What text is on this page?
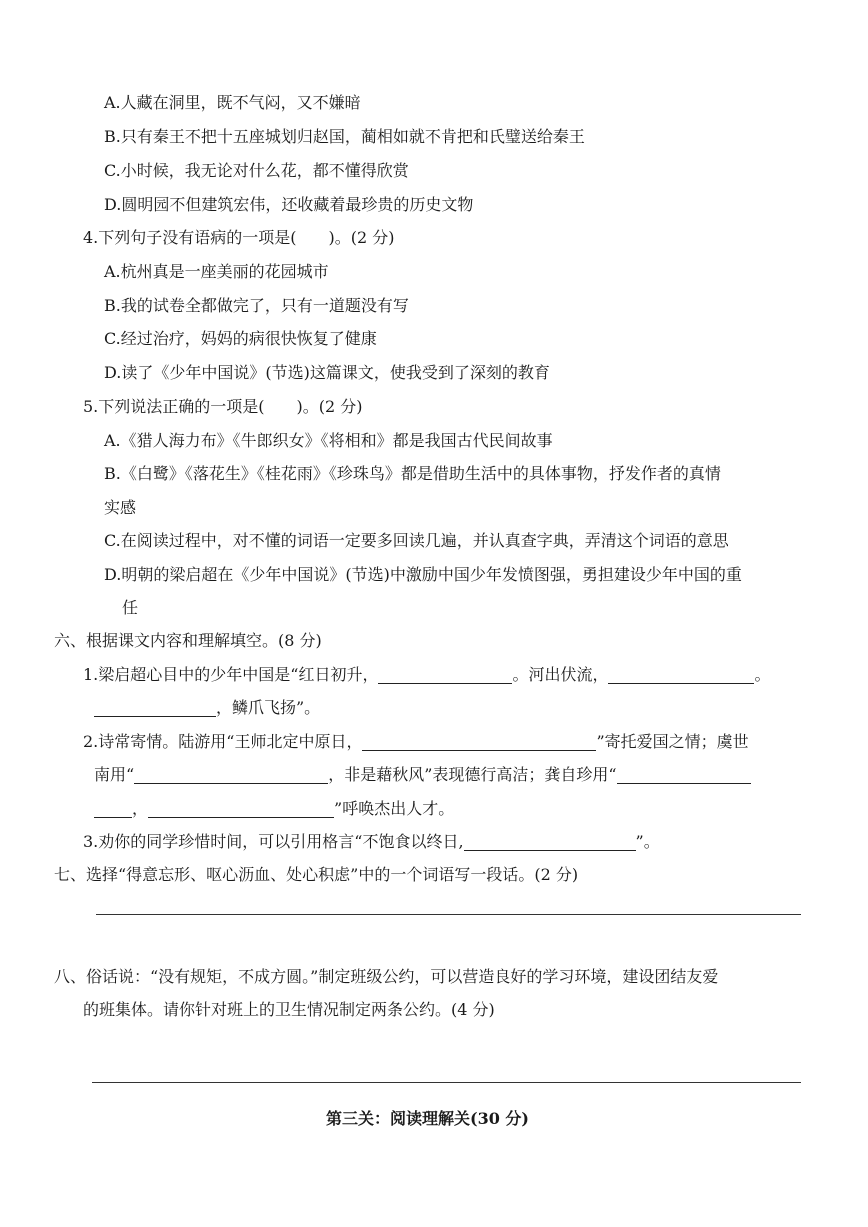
A.人藏在洞里，既不气闷，又不嫌暗
B.只有秦王不把十五座城划归赵国，蔺相如就不肯把和氏璧送给秦王
C.小时候，我无论对什么花，都不懂得欣赏
D.圆明园不但建筑宏伟，还收藏着最珍贵的历史文物
4.下列句子没有语病的一项是(　　)。(2 分)
A.杭州真是一座美丽的花园城市
B.我的试卷全都做完了，只有一道题没有写
C.经过治疗，妈妈的病很快恢复了健康
D.读了《少年中国说》(节选)这篇课文，使我受到了深刻的教育
5.下列说法正确的一项是(　　)。(2 分)
A.《猎人海力布》《牛郎织女》《将相和》都是我国古代民间故事
B.《白鹭》《落花生》《桂花雨》《珍珠鸟》都是借助生活中的具体事物，抒发作者的真情
实感
C.在阅读过程中，对不懂的词语一定要多回读几遍，并认真查字典，弄清这个词语的意思
D.明朝的梁启超在《少年中国说》(节选)中激励中国少年发愤图强，勇担建设少年中国的重
任
六、根据课文内容和理解填空。(8 分)
1.梁启超心目中的少年中国是“红日初升，	。河出伏流，	。
，鳞爪飞扬”。
2.诗常寄情。陆游用“王师北定中原日，	”寄托爱国之情；虞世
南用“	，非是藉秋风”表现德行高洁；龚自珍用“
，	”呼唤杰出人才。
3.劝你的同学珍惜时间，可以引用格言“不饱食以终日,	”。
七、选择“得意忘形、呕心沥血、处心积虑”中的一个词语写一段话。(2 分)
八、俗话说：“没有规矩，不成方圆。”制定班级公约，可以营造良好的学习环境，建设团结友爱
的班集体。请你针对班上的卫生情况制定两条公约。(4 分)
第三关：阅读理解关(30 分)
